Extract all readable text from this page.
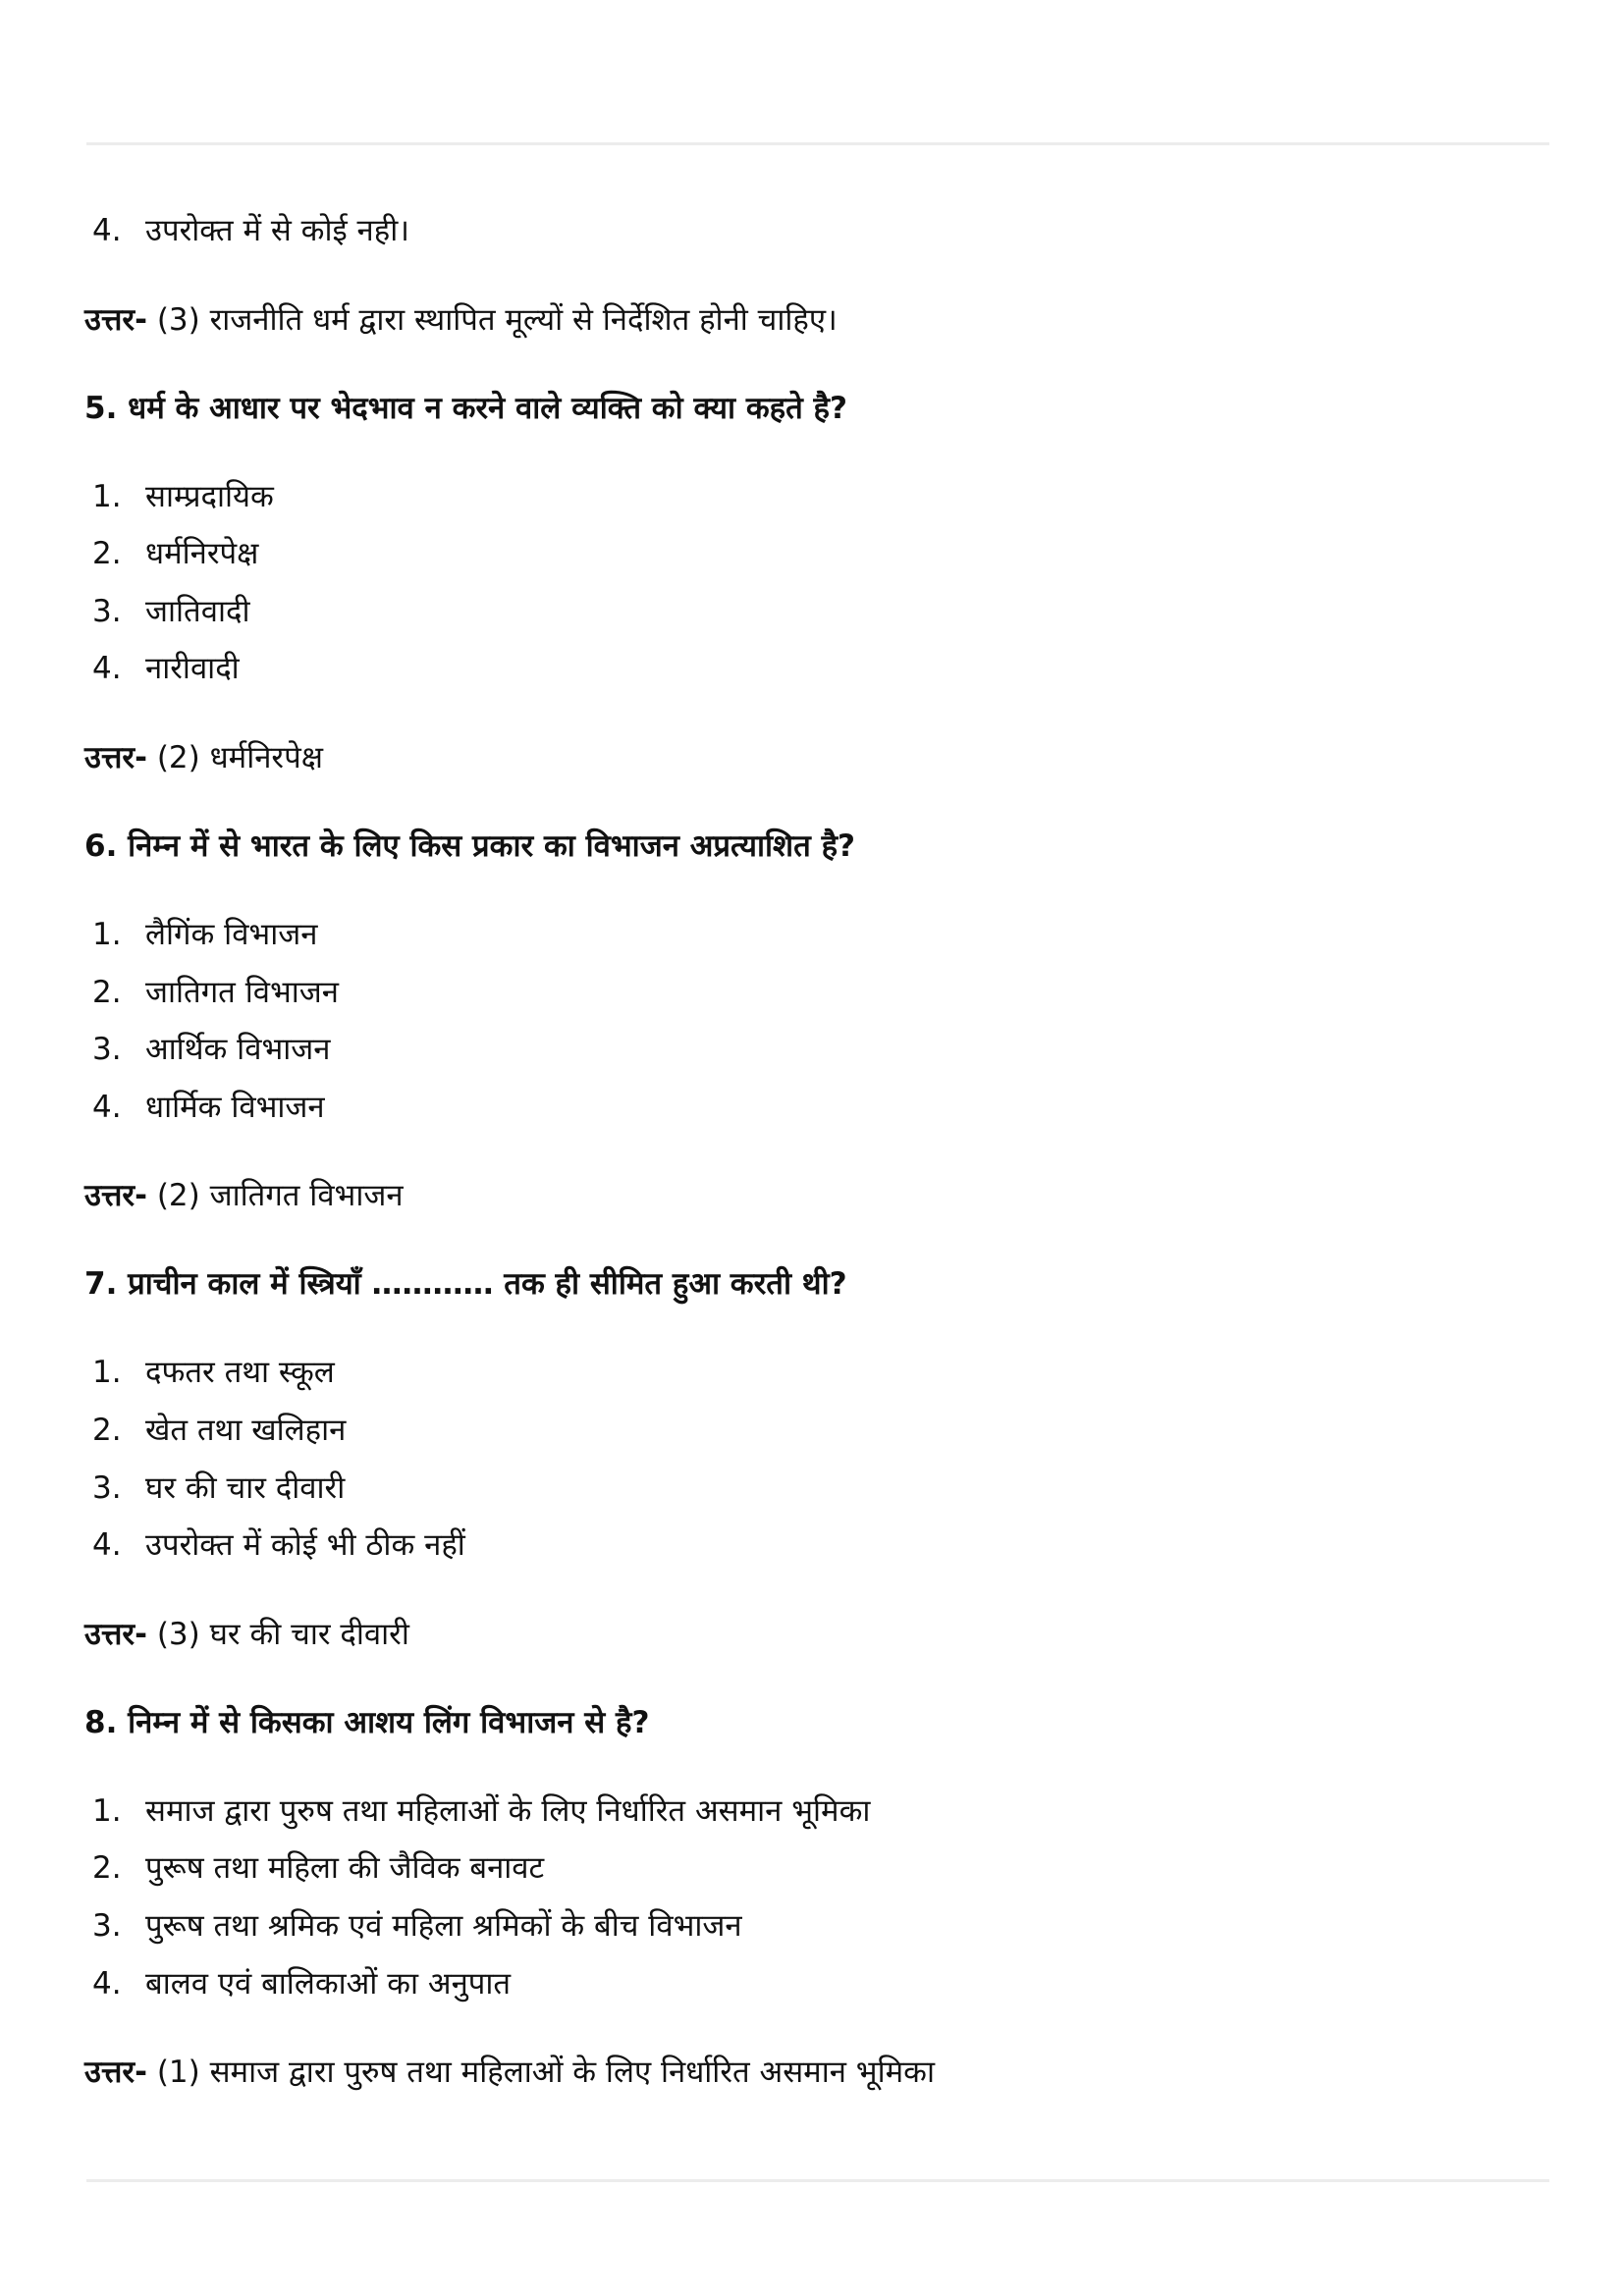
4. उपरोक्त में से कोई नही।
उत्तर- (3) राजनीति धर्म द्वारा स्थापित मूल्यों से निर्देशित होनी चाहिए।
5. धर्म के आधार पर भेदभाव न करने वाले व्यक्ति को क्या कहते है?
1. साम्प्रदायिक
2. धर्मनिरपेक्ष
3. जातिवादी
4. नारीवादी
उत्तर- (2) धर्मनिरपेक्ष
6. निम्न में से भारत के लिए किस प्रकार का विभाजन अप्रत्याशित है?
1. लैगिंक विभाजन
2. जातिगत विभाजन
3. आर्थिक विभाजन
4. धार्मिक विभाजन
उत्तर- (2) जातिगत विभाजन
7. प्राचीन काल में स्त्रियाँ ………… तक ही सीमित हुआ करती थी?
1. दफतर तथा स्कूल
2. खेत तथा खलिहान
3. घर की चार दीवारी
4. उपरोक्त में कोई भी ठीक नहीं
उत्तर- (3) घर की चार दीवारी
8. निम्न में से किसका आशय लिंग विभाजन से है?
1. समाज द्वारा पुरुष तथा महिलाओं के लिए निर्धारित असमान भूमिका
2. पुरूष तथा महिला की जैविक बनावट
3. पुरूष तथा श्रमिक एवं महिला श्रमिकों के बीच विभाजन
4. बालव एवं बालिकाओं का अनुपात
उत्तर- (1) समाज द्वारा पुरुष तथा महिलाओं के लिए निर्धारित असमान भूमिका
